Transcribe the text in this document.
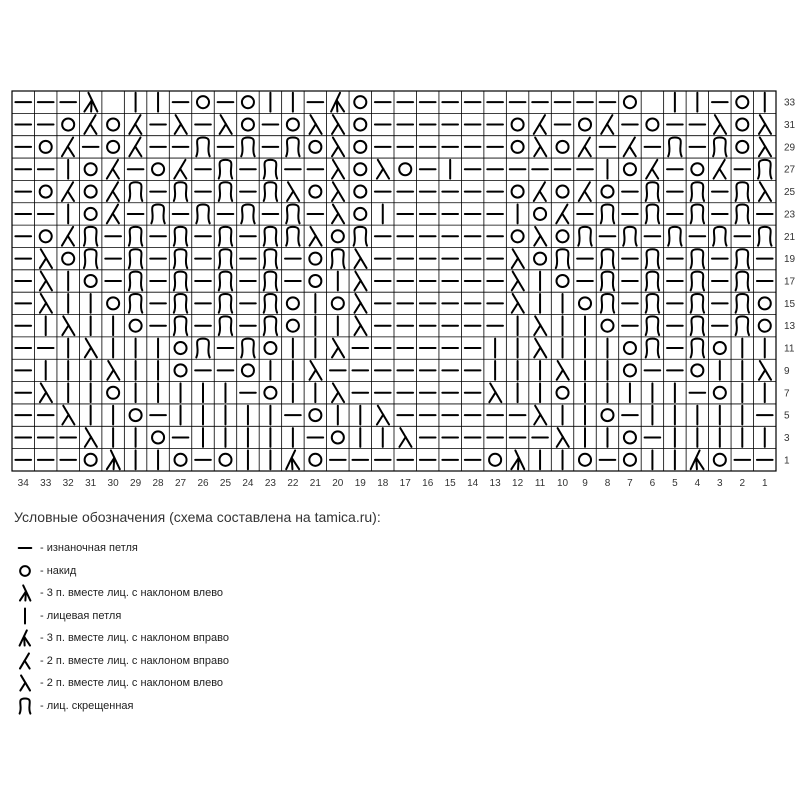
33
31
29
27
25
23
21
19
17
15
13
11
9
7
5
3
1
34 33 32 31 30 29 28 27 26 25 24 23 22 21 20 19 18 17 16 15 14 13 12 11 10 9 8 7 6 5 4 3 2 1
Условные обозначения (схема составлена на tamica.ru):
- изнаночная петля
- накид
- 3 п. вместе лиц. с наклоном влево
- лицевая петля
- 3 п. вместе лиц. с наклоном вправо
- 2 п. вместе лиц. с наклоном вправо
- 2 п. вместе лиц. с наклоном влево
- лиц. скрещенная
